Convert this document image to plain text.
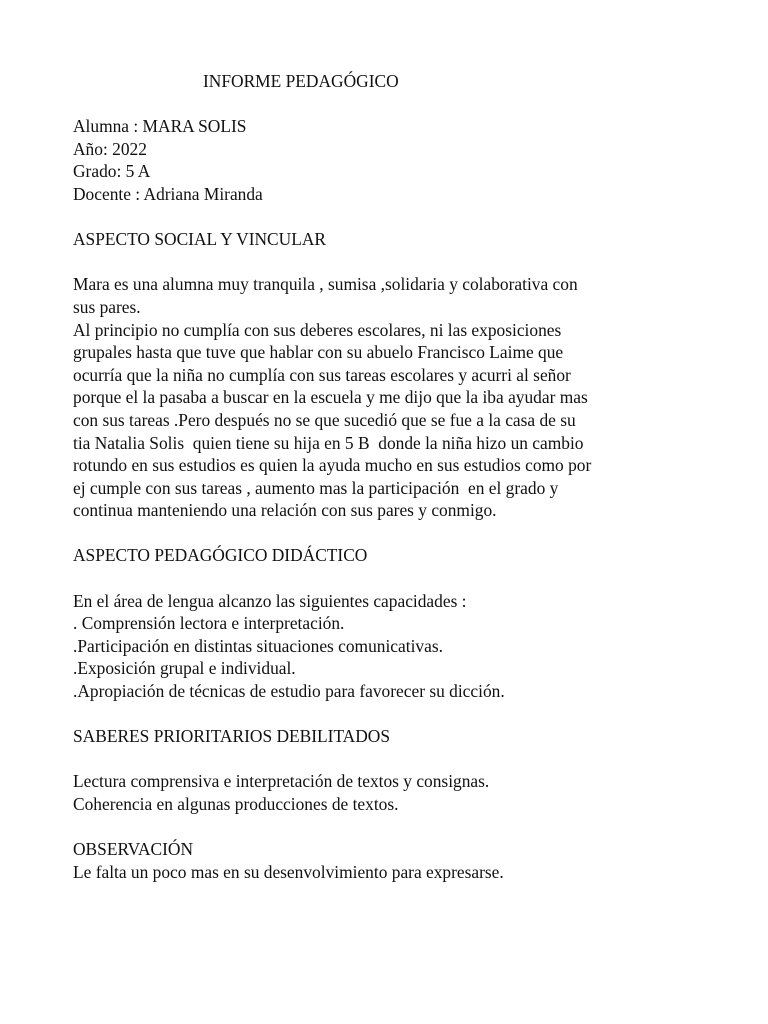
INFORME PEDAGÓGICO
Alumna : MARA SOLIS
Año: 2022
Grado: 5 A
Docente : Adriana Miranda
ASPECTO SOCIAL Y VINCULAR
Mara es una alumna muy tranquila , sumisa ,solidaria y colaborativa con
sus pares.
Al principio no cumplía con sus deberes escolares, ni las exposiciones
grupales hasta que tuve que hablar con su abuelo Francisco Laime que
ocurría que la niña no cumplía con sus tareas escolares y acurri al señor
porque el la pasaba a buscar en la escuela y me dijo que la iba ayudar mas
con sus tareas .Pero después no se que sucedió que se fue a la casa de su
tia Natalia Solis  quien tiene su hija en 5 B  donde la niña hizo un cambio
rotundo en sus estudios es quien la ayuda mucho en sus estudios como por
ej cumple con sus tareas , aumento mas la participación  en el grado y
continua manteniendo una relación con sus pares y conmigo.
ASPECTO PEDAGÓGICO DIDÁCTICO
En el área de lengua alcanzo las siguientes capacidades :
. Comprensión lectora e interpretación.
.Participación en distintas situaciones comunicativas.
.Exposición grupal e individual.
.Apropiación de técnicas de estudio para favorecer su dicción.
SABERES PRIORITARIOS DEBILITADOS
Lectura comprensiva e interpretación de textos y consignas.
Coherencia en algunas producciones de textos.
OBSERVACIÓN
Le falta un poco mas en su desenvolvimiento para expresarse.
